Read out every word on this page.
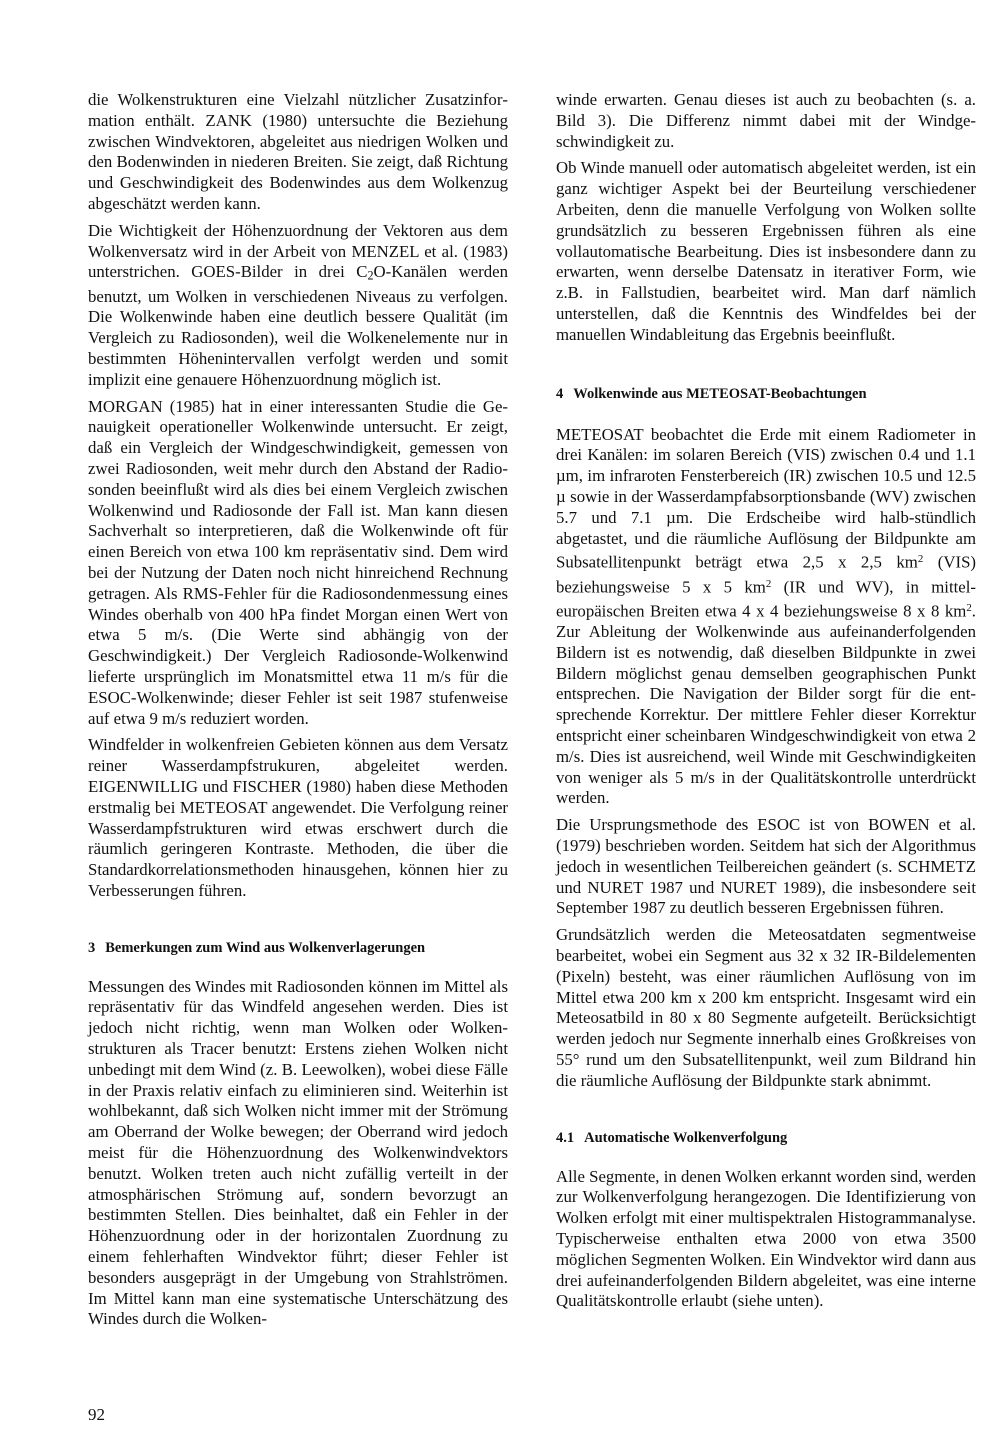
die Wolkenstrukturen eine Vielzahl nützlicher Zusatzinformation enthält. ZANK (1980) untersuchte die Beziehung zwischen Windvektoren, abgeleitet aus niedrigen Wolken und den Bodenwinden in niederen Breiten. Sie zeigt, daß Richtung und Geschwindigkeit des Bodenwindes aus dem Wolkenzug abgeschätzt werden kann.

Die Wichtigkeit der Höhenzuordnung der Vektoren aus dem Wolkenversatz wird in der Arbeit von MENZEL et al. (1983) unterstrichen. GOES-Bilder in drei $C_2O$-Kanälen werden benutzt, um Wolken in verschiedenen Niveaus zu verfolgen. Die Wolkenwinde haben eine deutlich bessere Qualität (im Vergleich zu Radiosonden), weil die Wolkenelemente nur in bestimmten Höhenintervallen verfolgt werden und somit implizit eine genauere Höhenzuordnung möglich ist.

MORGAN (1985) hat in einer interessanten Studie die Genauigkeit operationeller Wolkenwinde untersucht. Er zeigt, daß ein Vergleich der Windgeschwindigkeit, gemessen von zwei Radiosonden, weit mehr durch den Abstand der Radiosonden beeinflußt wird als dies bei einem Vergleich zwischen Wolkenwind und Radiosonde der Fall ist. Man kann diesen Sachverhalt so interpretieren, daß die Wolkenwinde oft für einen Bereich von etwa 100 km repräsentativ sind. Dem wird bei der Nutzung der Daten noch nicht hinreichend Rechnung getragen. Als RMS-Fehler für die Radiosondenmessung eines Windes oberhalb von 400 hPa findet Morgan einen Wert von etwa 5 m/s. (Die Werte sind abhängig von der Geschwindigkeit.) Der Vergleich Radiosonde-Wolkenwind lieferte ursprünglich im Monatsmittel etwa 11 m/s für die ESOC-Wolkenwinde; dieser Fehler ist seit 1987 stufenweise auf etwa 9 m/s reduziert worden.

Windfelder in wolkenfreien Gebieten können aus dem Versatz reiner Wasserdampfstrukuren, abgeleitet werden. EIGENWILLIG und FISCHER (1980) haben diese Methoden erstmalig bei METEOSAT angewendet. Die Verfolgung reiner Wasserdampfstrukturen wird etwas erschwert durch die räumlich geringeren Kontraste. Methoden, die über die Standardkorrelationsmethoden hinausgehen, können hier zu Verbesserungen führen.

3 Bemerkungen zum Wind aus Wolkenverlagerungen

Messungen des Windes mit Radiosonden können im Mittel als repräsentativ für das Windfeld angesehen werden. Dies ist jedoch nicht richtig, wenn man Wolken oder Wolkenstrukturen als Tracer benutzt: Erstens ziehen Wolken nicht unbedingt mit dem Wind (z. B. Leewolken), wobei diese Fälle in der Praxis relativ einfach zu eliminieren sind. Weiterhin ist wohlbekannt, daß sich Wolken nicht immer mit der Strömung am Oberrand der Wolke bewegen; der Oberrand wird jedoch meist für die Höhenzuordnung des Wolkenwindvektors benutzt. Wolken treten auch nicht zufällig verteilt in der atmosphärischen Strömung auf, sondern bevorzugt an bestimmten Stellen. Dies beinhaltet, daß ein Fehler in der Höhenzuordnung oder in der horizontalen Zuordnung zu einem fehlerhaften Windvektor führt; dieser Fehler ist besonders ausgeprägt in der Umgebung von Strahlströmen. Im Mittel kann man eine systematische Unterschätzung des Windes durch die Wolken-

winde erwarten. Genau dieses ist auch zu beobachten (s. a. Bild 3). Die Differenz nimmt dabei mit der Windgeschwindigkeit zu.

Ob Winde manuell oder automatisch abgeleitet werden, ist ein ganz wichtiger Aspekt bei der Beurteilung verschiedener Arbeiten, denn die manuelle Verfolgung von Wolken sollte grundsätzlich zu besseren Ergebnissen führen als eine vollautomatische Bearbeitung. Dies ist insbesondere dann zu erwarten, wenn derselbe Datensatz in iterativer Form, wie z.B. in Fallstudien, bearbeitet wird. Man darf nämlich unterstellen, daß die Kenntnis des Windfeldes bei der manuellen Windableitung das Ergebnis beeinflußt.

4 Wolkenwinde aus METEOSAT-Beobachtungen

METEOSAT beobachtet die Erde mit einem Radiometer in drei Kanälen: im solaren Bereich (VIS) zwischen 0.4 und 1.1 µm, im infraroten Fensterbereich (IR) zwischen 10.5 und 12.5 µ sowie in der Wasserdampfabsorptionsbande (WV) zwischen 5.7 und 7.1 µm. Die Erdscheibe wird halb-stündlich abgetastet, und die räumliche Auflösung der Bildpunkte am Subsatellitenpunkt beträgt etwa 2,5 x 2,5 $km^2$ (VIS) beziehungsweise 5 x 5 $km^2$ (IR und WV), in mitteleuropäischen Breiten etwa 4 x 4 beziehungsweise 8 x 8 $km^2$. Zur Ableitung der Wolkenwinde aus aufeinanderfolgenden Bildern ist es notwendig, daß dieselben Bildpunkte in zwei Bildern möglichst genau demselben geographischen Punkt entsprechen. Die Navigation der Bilder sorgt für die entsprechende Korrektur. Der mittlere Fehler dieser Korrektur entspricht einer scheinbaren Windgeschwindigkeit von etwa 2 m/s. Dies ist ausreichend, weil Winde mit Geschwindigkeiten von weniger als 5 m/s in der Qualitätskontrolle unterdrückt werden.

Die Ursprungsmethode des ESOC ist von BOWEN et al. (1979) beschrieben worden. Seitdem hat sich der Algorithmus jedoch in wesentlichen Teilbereichen geändert (s. SCHMETZ und NURET 1987 und NURET 1989), die insbesondere seit September 1987 zu deutlich besseren Ergebnissen führen.

Grundsätzlich werden die Meteosatdaten segmentweise bearbeitet, wobei ein Segment aus 32 x 32 IR-Bildelementen (Pixeln) besteht, was einer räumlichen Auflösung von im Mittel etwa 200 km x 200 km entspricht. Insgesamt wird ein Meteosatbild in 80 x 80 Segmente aufgeteilt. Berücksichtigt werden jedoch nur Segmente innerhalb eines Großkreises von 55° rund um den Subsatellitenpunkt, weil zum Bildrand hin die räumliche Auflösung der Bildpunkte stark abnimmt.

4.1 Automatische Wolkenverfolgung

Alle Segmente, in denen Wolken erkannt worden sind, werden zur Wolkenverfolgung herangezogen. Die Identifizierung von Wolken erfolgt mit einer multispektralen Histogrammanalyse. Typischerweise enthalten etwa 2000 von etwa 3500 möglichen Segmenten Wolken. Ein Windvektor wird dann aus drei aufeinanderfolgenden Bildern abgeleitet, was eine interne Qualitätskontrolle erlaubt (siehe unten).

92
